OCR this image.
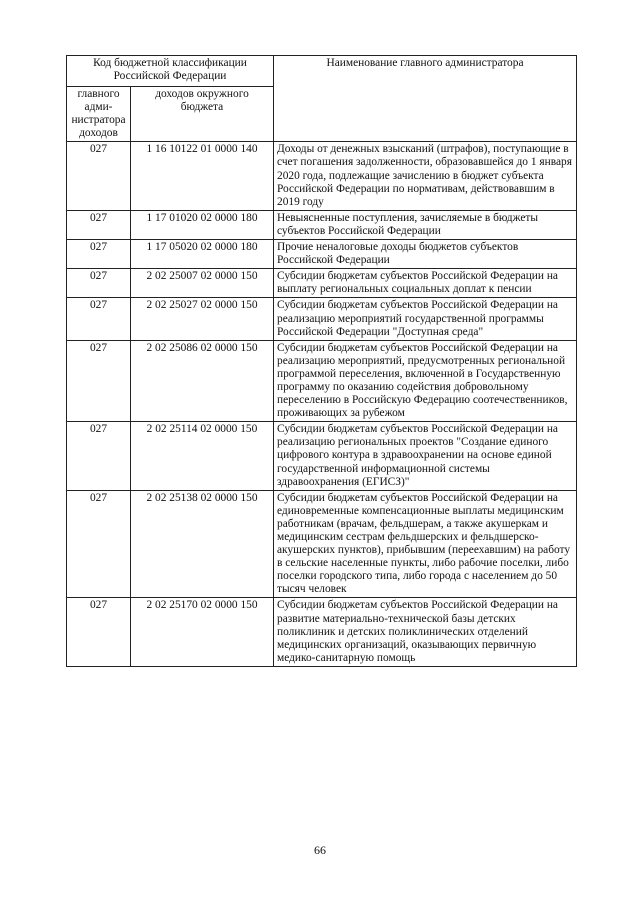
Код бюджетной классификации Российской Федерации		Наименование главного администратора
главного адми-нистратора доходов	доходов окружного бюджета	
027	1 16 10122 01 0000 140	Доходы от денежных взысканий (штрафов), поступающие в счет погашения задолженности, образовавшейся до 1 января 2020 года, подлежащие зачислению в бюджет субъекта Российской Федерации по нормативам, действовавшим в 2019 году
027	1 17 01020 02 0000 180	Невыясненные поступления, зачисляемые в бюджеты субъектов Российской Федерации
027	1 17 05020 02 0000 180	Прочие неналоговые доходы бюджетов субъектов Российской Федерации
027	2 02 25007 02 0000 150	Субсидии бюджетам субъектов Российской Федерации на выплату региональных социальных доплат к пенсии
027	2 02 25027 02 0000 150	Субсидии бюджетам субъектов Российской Федерации на реализацию мероприятий государственной программы Российской Федерации "Доступная среда"
027	2 02 25086 02 0000 150	Субсидии бюджетам субъектов Российской Федерации на реализацию мероприятий, предусмотренных региональной программой переселения, включенной в Государственную программу по оказанию содействия добровольному переселению в Российскую Федерацию соотечественников, проживающих за рубежом
027	2 02 25114 02 0000 150	Субсидии бюджетам субъектов Российской Федерации на реализацию региональных проектов "Создание единого цифрового контура в здравоохранении на основе единой государственной информационной системы здравоохранения (ЕГИСЗ)"
027	2 02 25138 02 0000 150	Субсидии бюджетам субъектов Российской Федерации на единовременные компенсационные выплаты медицинским работникам (врачам, фельдшерам, а также акушеркам и медицинским сестрам фельдшерских и фельдшерско-акушерских пунктов), прибывшим (переехавшим) на работу в сельские населенные пункты, либо рабочие поселки, либо поселки городского типа, либо города с населением до 50 тысяч человек
027	2 02 25170 02 0000 150	Субсидии бюджетам субъектов Российской Федерации на развитие материально-технической базы детских поликлиник и детских поликлинических отделений медицинских организаций, оказывающих первичную медико-санитарную помощь
66
